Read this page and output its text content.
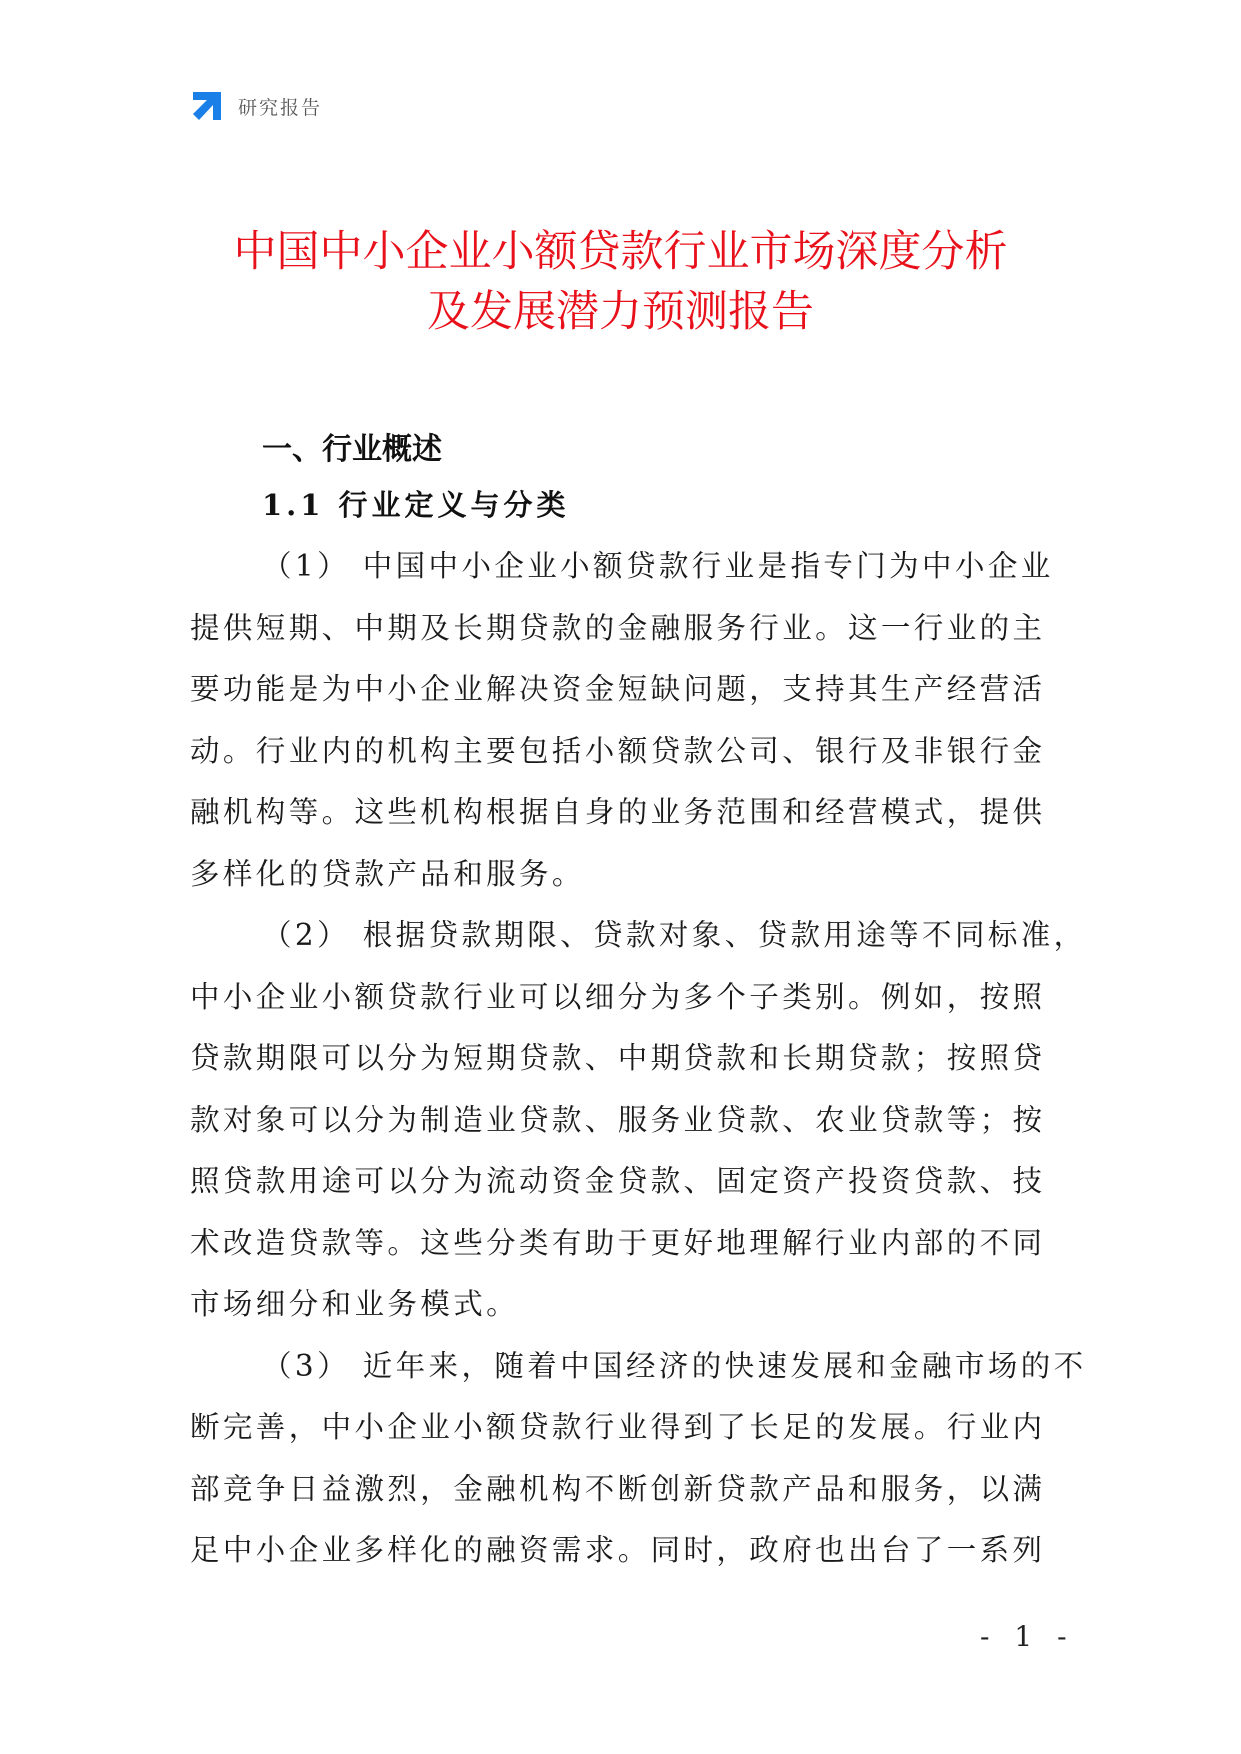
研究报告
中国中小企业小额贷款行业市场深度分析
及发展潜力预测报告
一、行业概述
1.1 行业定义与分类
（1） 中国中小企业小额贷款行业是指专门为中小企业
提供短期、中期及长期贷款的金融服务行业。这一行业的主
要功能是为中小企业解决资金短缺问题，支持其生产经营活
动。行业内的机构主要包括小额贷款公司、银行及非银行金
融机构等。这些机构根据自身的业务范围和经营模式，提供
多样化的贷款产品和服务。
（2） 根据贷款期限、贷款对象、贷款用途等不同标准，
中小企业小额贷款行业可以细分为多个子类别。例如，按照
贷款期限可以分为短期贷款、中期贷款和长期贷款；按照贷
款对象可以分为制造业贷款、服务业贷款、农业贷款等；按
照贷款用途可以分为流动资金贷款、固定资产投资贷款、技
术改造贷款等。这些分类有助于更好地理解行业内部的不同
市场细分和业务模式。
（3） 近年来，随着中国经济的快速发展和金融市场的不
断完善，中小企业小额贷款行业得到了长足的发展。行业内
部竞争日益激烈，金融机构不断创新贷款产品和服务，以满
足中小企业多样化的融资需求。同时，政府也出台了一系列
- 1 -
